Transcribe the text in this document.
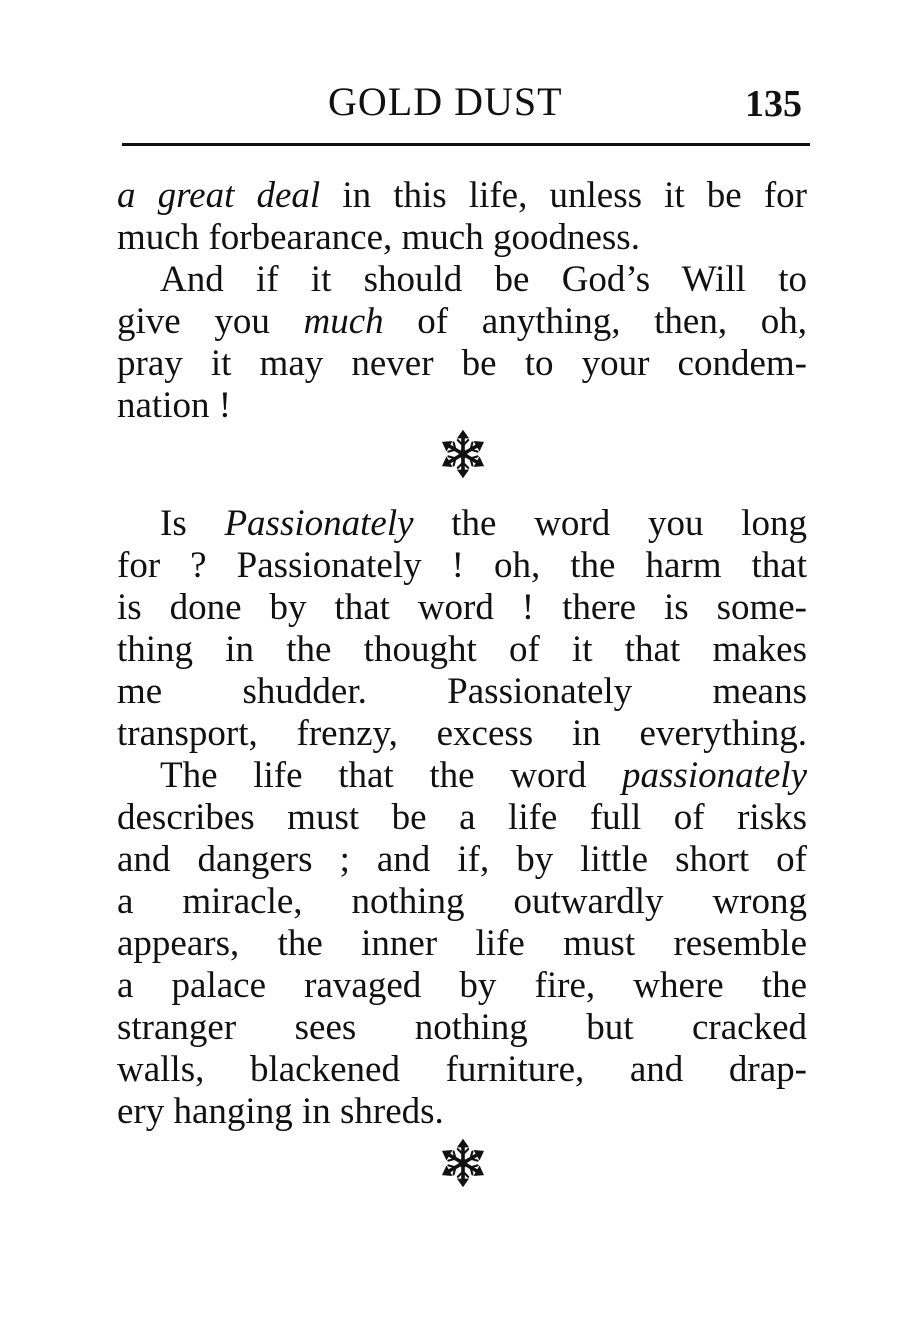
GOLD DUST	135
a great deal in this life, unless it be for
much forbearance, much goodness.
And if it should be God’s Will to
give you much of anything, then, oh,
pray it may never be to your condem-
nation !
Is Passionately the word you long
for ? Passionately ! oh, the harm that
is done by that word ! there is some-
thing in the thought of it that makes
me shudder. Passionately means
transport, frenzy, excess in everything.
The life that the word passionately
describes must be a life full of risks
and dangers ; and if, by little short of
a miracle, nothing outwardly wrong
appears, the inner life must resemble
a palace ravaged by fire, where the
stranger sees nothing but cracked
walls, blackened furniture, and drap-
ery hanging in shreds.
